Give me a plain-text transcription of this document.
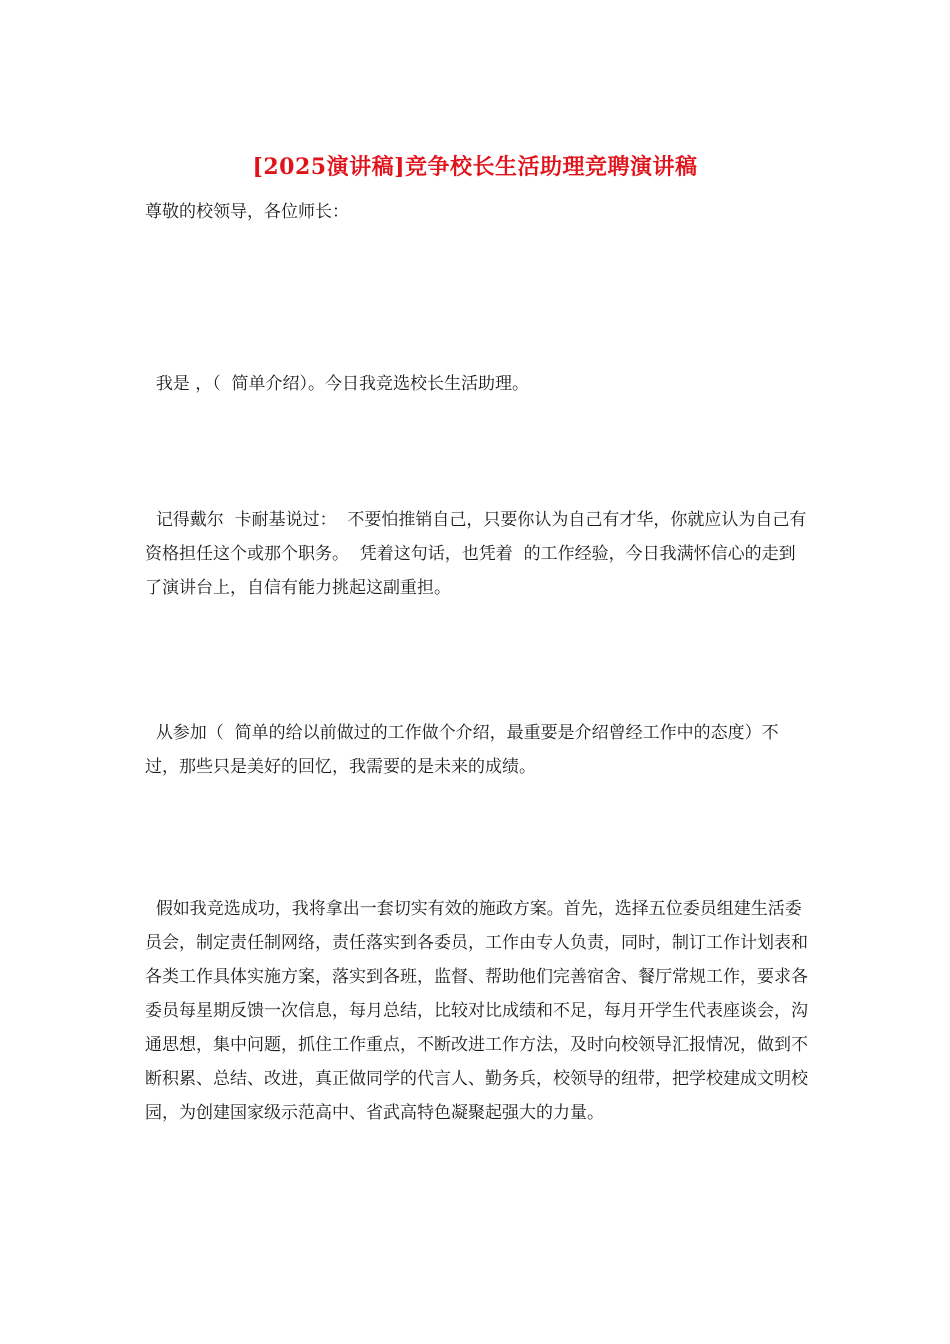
[2025演讲稿]竞争校长生活助理竞聘演讲稿

尊敬的校领导，各位师长：

我是 ，（  简单介绍）。今日我竞选校长生活助理。

记得戴尔  卡耐基说过：  不要怕推销自己，只要你认为自己有才华，你就应认为自己有资格担任这个或那个职务。  凭着这句话，也凭着  的工作经验，今日我满怀信心的走到了演讲台上，自信有能力挑起这副重担。

从参加（  简单的给以前做过的工作做个介绍，最重要是介绍曾经工作中的态度）不过，那些只是美好的回忆，我需要的是未来的成绩。

假如我竞选成功，我将拿出一套切实有效的施政方案。首先，选择五位委员组建生活委员会，制定责任制网络，责任落实到各委员，工作由专人负责，同时，制订工作计划表和各类工作具体实施方案，落实到各班，监督、帮助他们完善宿舍、餐厅常规工作，要求各委员每星期反馈一次信息，每月总结，比较对比成绩和不足，每月开学生代表座谈会，沟通思想，集中问题，抓住工作重点，不断改进工作方法，及时向校领导汇报情况，做到不断积累、总结、改进，真正做同学的代言人、勤务兵，校领导的纽带，把学校建成文明校园，为创建国家级示范高中、省武高特色凝聚起强大的力量。
